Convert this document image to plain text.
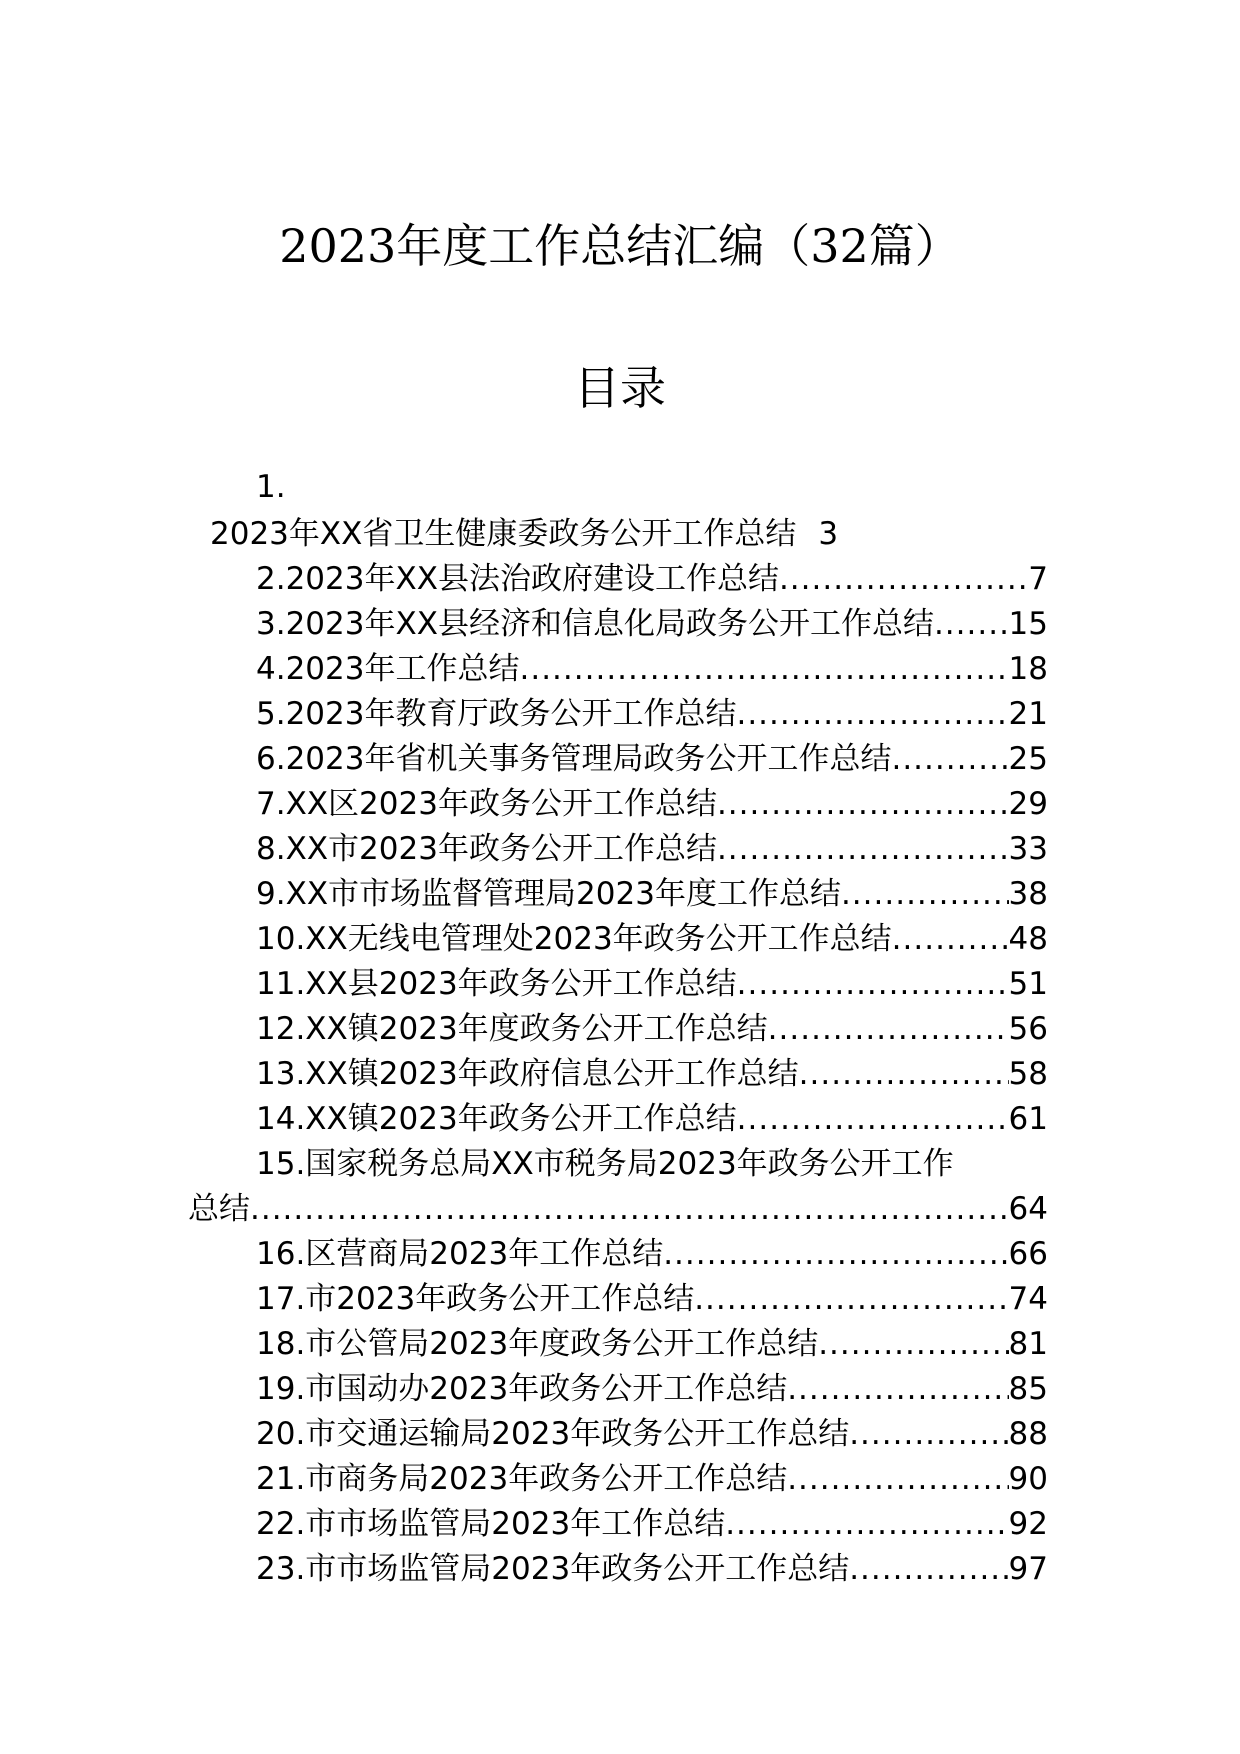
2023年度工作总结汇编（32篇）
目录
1.
2023年XX省卫生健康委政务公开工作总结 3
2.2023年XX县法治政府建设工作总结 .....	7
3.2023年XX县经济和信息化局政务公开工作总结 ..... 15
4.2023年工作总结 .....	18
5.2023年教育厅政务公开工作总结 .....	21
6.2023年省机关事务管理局政务公开工作总结 .....	25
7.XX区2023年政务公开工作总结 .....	29
8.XX市2023年政务公开工作总结 .....	33
9.XX市市场监督管理局2023年度工作总结 .....	38
10.XX无线电管理处2023年政务公开工作总结 .....	48
11.XX县2023年政务公开工作总结 .....	51
12.XX镇2023年度政务公开工作总结 .....	56
13.XX镇2023年政府信息公开工作总结 .....	58
14.XX镇2023年政务公开工作总结 .....	61
15.国家税务总局XX市税务局2023年政务公开工作
总结 .....	64
16.区营商局2023年工作总结 .....	66
17.市2023年政务公开工作总结 .....	74
18.市公管局2023年度政务公开工作总结 .....	81
19.市国动办2023年政务公开工作总结 .....	85
20.市交通运输局2023年政务公开工作总结 .....	88
21.市商务局2023年政务公开工作总结 .....	90
22.市市场监管局2023年工作总结 .....	92
23.市市场监管局2023年政务公开工作总结 .....	97
